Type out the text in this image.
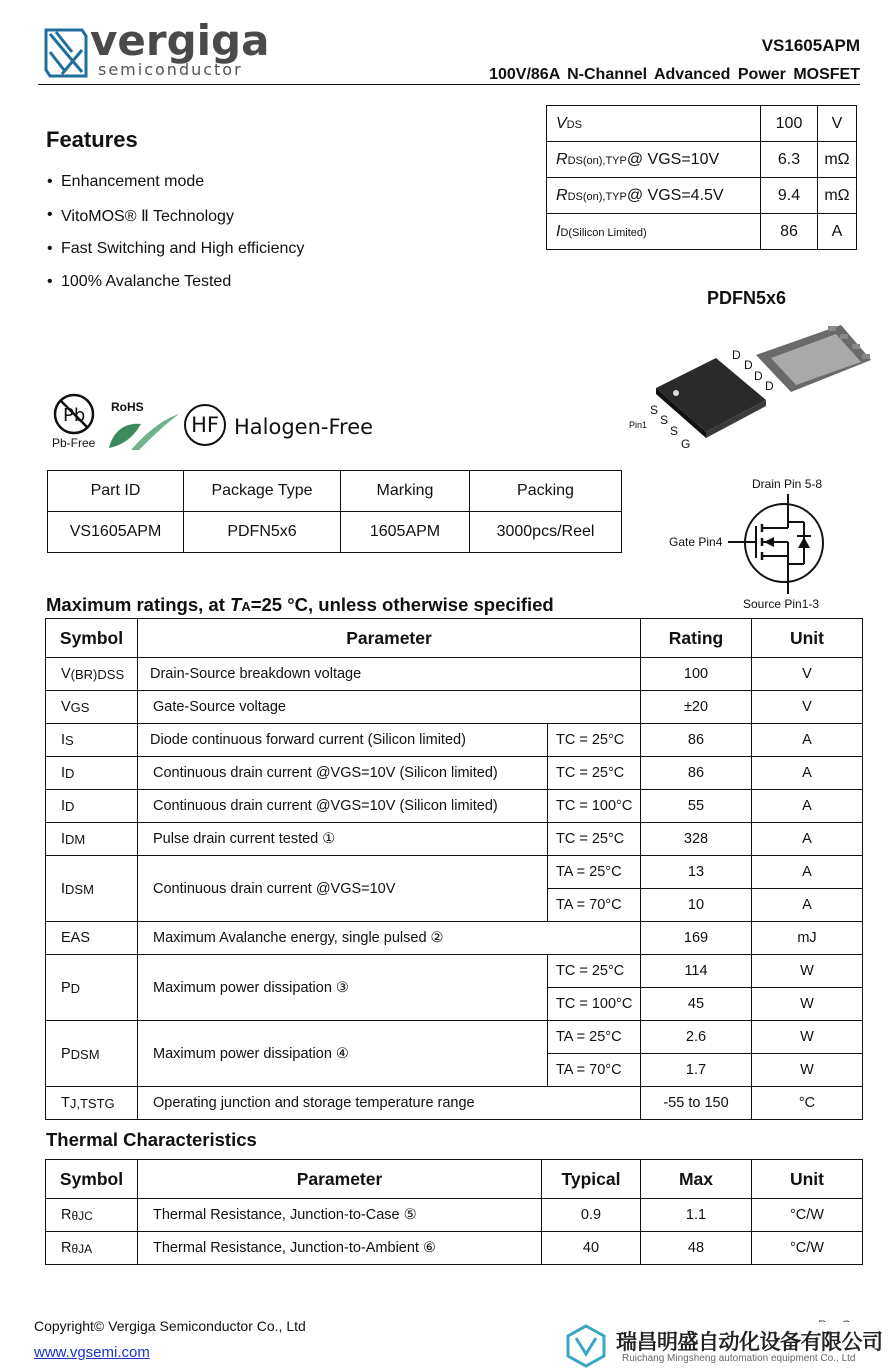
vergiga
semiconductor
VS1605APM
100V/86A N-Channel Advanced Power MOSFET
Features
• Enhancement mode
• VitoMOS® Ⅱ Technology
• Fast Switching and High efficiency
• 100% Avalanche Tested
VDS	100	V
RDS(on),TYP@ VGS=10V	6.3	mΩ
RDS(on),TYP@ VGS=4.5V	9.4	mΩ
ID(Silicon Limited)	86	A
PDFN5x6
D
D
D
D
S
S
S
G
Pin1
Pb
Pb-Free
RoHS
HF Halogen-Free
Part ID	Package Type	Marking	Packing
VS1605APM	PDFN5x6	1605APM	3000pcs/Reel
Drain Pin 5-8
Gate Pin4
Source Pin1-3
Maximum ratings, at TA=25 °C, unless otherwise specified
Symbol	Parameter		Rating	Unit
$V_{(BR)DSS}$	Drain-Source breakdown voltage		100	V
$V_{GS}$	Gate-Source voltage		±20	V
$I_S$	Diode continuous forward current (Silicon limited)	TC = 25°C	86	A
$I_D$	Continuous drain current @VGS=10V (Silicon limited)	TC = 25°C	86	A
$I_D$	Continuous drain current @VGS=10V (Silicon limited)	TC = 100°C	55	A
$I_{DM}$	Pulse drain current tested ①	TC = 25°C	328	A
$I_{DSM}$	Continuous drain current @VGS=10V	TA = 25°C	13	A
		TA = 70°C	10	A
EAS	Maximum Avalanche energy, single pulsed ②		169	mJ
$P_D$	Maximum power dissipation ③	TC = 25°C	114	W
		TC = 100°C	45	W
$P_{DSM}$	Maximum power dissipation ④	TA = 25°C	2.6	W
		TA = 70°C	1.7	W
$T_{J,TSTG}$	Operating junction and storage temperature range		-55 to 150	°C
Thermal Characteristics
Symbol	Parameter	Typical	Max	Unit
$R_{\theta JC}$	Thermal Resistance, Junction-to-Case ⑤	0.9	1.1	°C/W
$R_{\theta JA}$	Thermal Resistance, Junction-to-Ambient ⑥	40	48	°C/W
Copyright© Vergiga Semiconductor Co., Ltd
www.vgsemi.com	瑞昌明盛自动化设备有限公司
Ruichang Mingsheng automation equipment Co., Ltd
